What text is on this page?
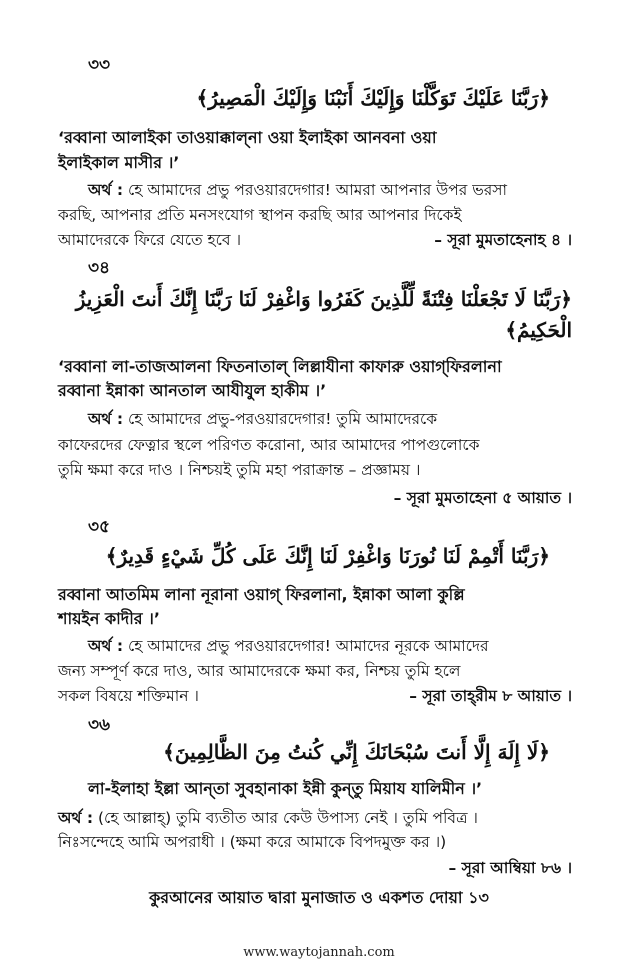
৩৩
﴿رَبَّنَا عَلَيْكَ تَوَكَّلْنَا وَإِلَيْكَ أَنَبْنَا وَإِلَيْكَ الْمَصِيرُ﴾
‘রব্বানা আলাইকা তাওয়াক্কাল্না ওয়া ইলাইকা আনবনা ওয়া
ইলাইকাল মাসীর ।’
অর্থ : হে আমাদের প্রভু পরওয়ারদেগার! আমরা আপনার উপর ভরসা
করছি, আপনার প্রতি মনসংযোগ স্থাপন করছি আর আপনার দিকেই
আমাদেরকে ফিরে যেতে হবে ।	– সূরা মুমতাহেনাহ ৪ ।
৩৪
﴿رَبَّنَا لَا تَجْعَلْنَا فِتْنَةً لِّلَّذِينَ كَفَرُوا وَاغْفِرْ لَنَا رَبَّنَا إِنَّكَ أَنتَ الْعَزِيزُ
الْحَكِيمُ﴾
‘রব্বানা লা-তাজআলনা ফিতনাতাল্ লিল্লাযীনা কাফারু ওয়াগ্‌ফিরলানা
রব্বানা ইন্নাকা আনতাল আযীযুল হাকীম ।’
অর্থ : হে আমাদের প্রভু-পরওয়ারদেগার! তুমি আমাদেরকে
কাফেরদের ফেত্নার স্থলে পরিণত করোনা, আর আমাদের পাপগুলোকে
তুমি ক্ষমা করে দাও । নিশ্চয়ই তুমি মহা পরাক্রান্ত – প্রজ্ঞাময় ।
– সূরা মুমতাহেনা ৫ আয়াত ।
৩৫
﴿رَبَّنَا أَتْمِمْ لَنَا نُورَنَا وَاغْفِرْ لَنَا إِنَّكَ عَلَى كُلِّ شَيْءٍ قَدِيرٌ﴾
রব্বানা আতমিম লানা নূরানা ওয়াগ্ ফিরলানা, ইন্নাকা আলা কুল্লি
শায়ইন কাদীর ।’
অর্থ : হে আমাদের প্রভু পরওয়ারদেগার! আমাদের নূরকে আমাদের
জন্য সম্পূর্ণ করে দাও, আর আমাদেরকে ক্ষমা কর, নিশ্চয় তুমি হলে
সকল বিষয়ে শক্তিমান ।	– সূরা তাহ্‌রীম ৮ আয়াত ।
৩৬
﴿لَا إِلَهَ إِلَّا أَنتَ سُبْحَانَكَ إِنِّي كُنتُ مِنَ الظَّالِمِينَ﴾
লা-ইলাহা ইল্লা আন্‌তা সুবহানাকা ইন্নী কুন্‌তু মিয়ায যালিমীন ।’
অর্থ : (হে আল্লাহ্) তুমি ব্যতীত আর কেউ উপাস্য নেই । তুমি পবিত্র ।
নিঃসন্দেহে আমি অপরাধী । (ক্ষমা করে আমাকে বিপদমুক্ত কর ।)
– সূরা আম্বিয়া ৮৬ ।
কুরআনের আয়াত দ্বারা মুনাজাত ও একশত দোয়া ১৩
www.waytojannah.com
